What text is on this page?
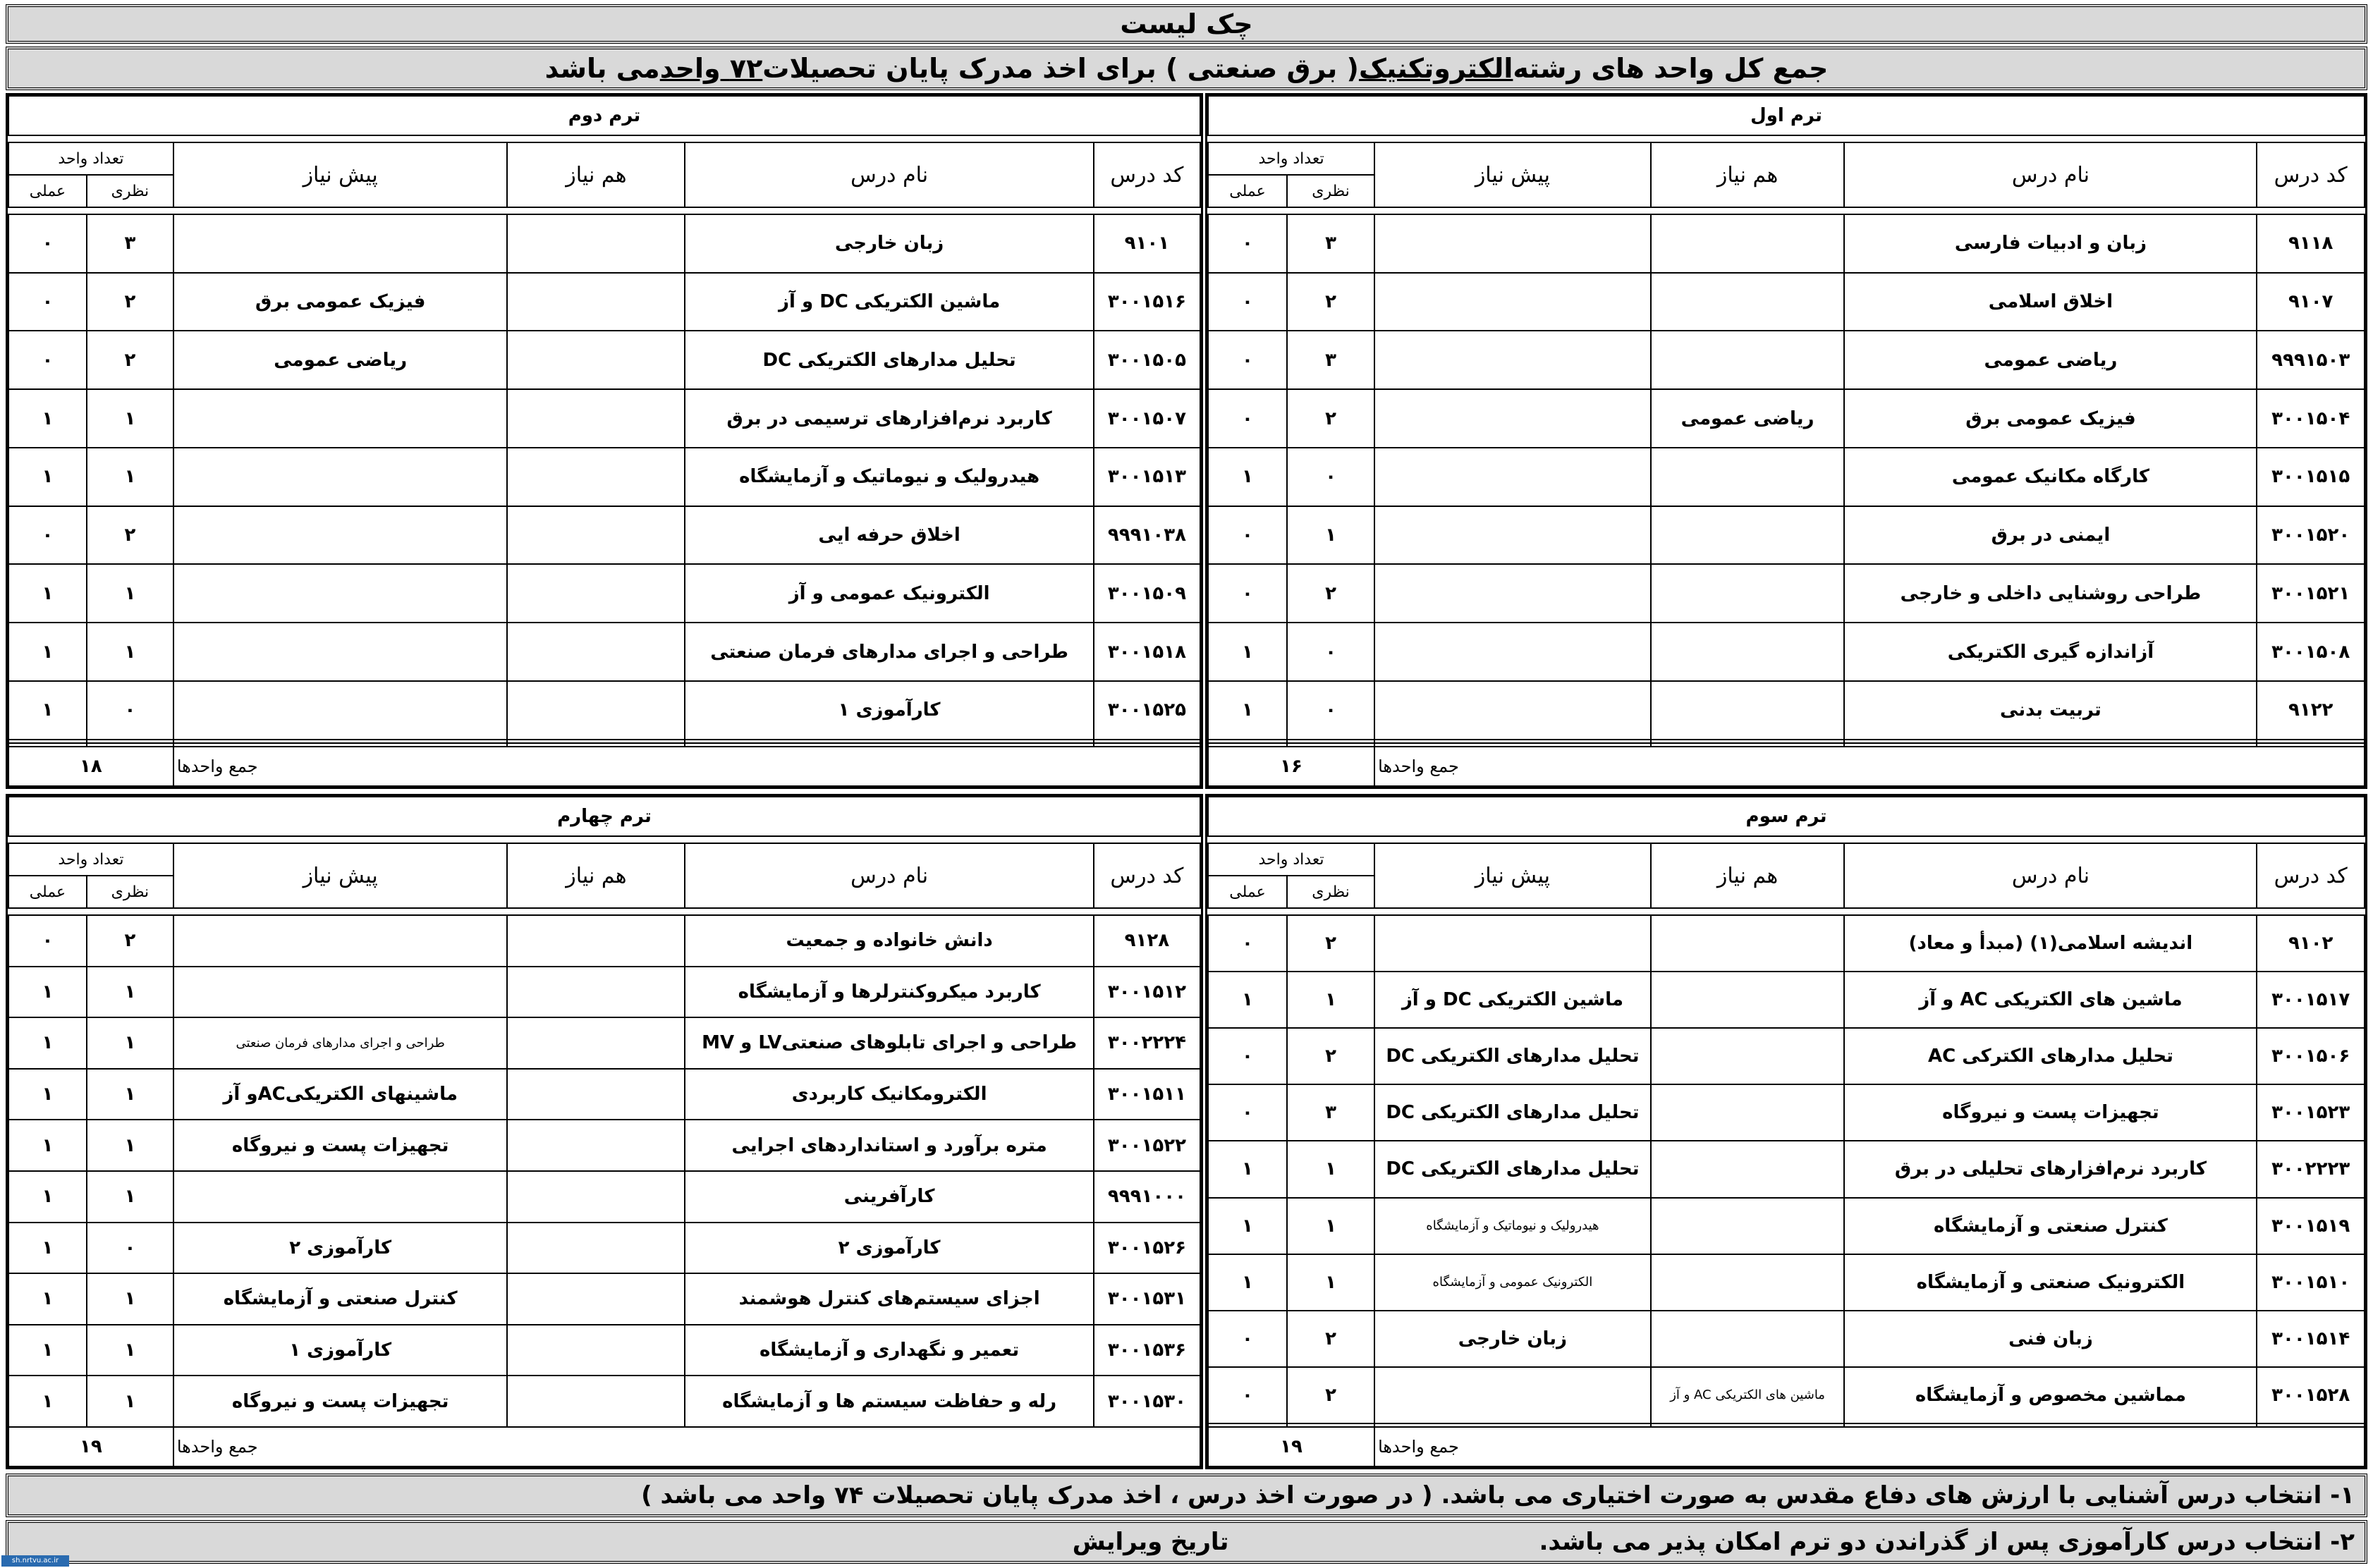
چک لیست
جمع کل واحد های رشته
الکتروتکنیک
( برق صنعتی ) برای اخذ مدرک پایان تحصیلات
۷۲ واحد
می باشد
ترم اول					

کد درس	نام درس	هم نیاز	پیش نیاز	تعداد واحد	
				نظری	عملی

۹۱۱۸	زبان و ادبیات فارسی			۳	۰
۹۱۰۷	اخلاق اسلامی			۲	۰
۹۹۹۱۵۰۳	ریاضی عمومی			۳	۰
۳۰۰۱۵۰۴	فیزیک عمومی برق	ریاضی عمومی		۲	۰
۳۰۰۱۵۱۵	کارگاه مکانیک عمومی			۰	۱
۳۰۰۱۵۲۰	ایمنی در برق			۱	۰
۳۰۰۱۵۲۱	طراحی روشنایی داخلی و خارجی			۲	۰
۳۰۰۱۵۰۸	آزاندازه گیری الکتریکی			۰	۱
۹۱۲۲	تربیت بدنی			۰	۱

	جمع واحدها			۱۶	
ترم دوم					

کد درس	نام درس	هم نیاز	پیش نیاز	تعداد واحد	
				نظری	عملی

۹۱۰۱	زبان خارجی			۳	۰
۳۰۰۱۵۱۶	ماشین الکتریکی DC و آز		فیزیک عمومی برق	۲	۰
۳۰۰۱۵۰۵	تحلیل مدارهای الکتریکی DC		ریاضی عمومی	۲	۰
۳۰۰۱۵۰۷	کاربرد نرم‌افزارهای ترسیمی در برق			۱	۱
۳۰۰۱۵۱۳	هیدرولیک و نیوماتیک و آزمایشگاه			۱	۱
۹۹۹۱۰۳۸	اخلاق حرفه ایی			۲	۰
۳۰۰۱۵۰۹	الکترونیک عمومی و آز			۱	۱
۳۰۰۱۵۱۸	طراحی و اجرای مدارهای فرمان صنعتی			۱	۱
۳۰۰۱۵۲۵	کارآموزی ۱			۰	۱

	جمع واحدها			۱۸	
ترم سوم					

کد درس	نام درس	هم نیاز	پیش نیاز	تعداد واحد	
				نظری	عملی

۹۱۰۲	اندیشه اسلامی(۱) (مبدأ و معاد)			۲	۰
۳۰۰۱۵۱۷	ماشین های الکتریکی AC و آز		ماشین الکتریکی DC و آز	۱	۱
۳۰۰۱۵۰۶	تحلیل مدارهای الکترکی AC		تحلیل مدارهای الکتریکی DC	۲	۰
۳۰۰۱۵۲۳	تجهیزات پست و نیروگاه		تحلیل مدارهای الکتریکی DC	۳	۰
۳۰۰۲۲۲۳	کاربرد نرم‌افزارهای تحلیلی در برق		تحلیل مدارهای الکتریکی DC	۱	۱
۳۰۰۱۵۱۹	کنترل صنعتی و آزمایشگاه		هیدرولیک و نیوماتیک و آزمایشگاه	۱	۱
۳۰۰۱۵۱۰	الکترونیک صنعتی و آزمایشگاه		الکترونیک عمومی و آزمایشگاه	۱	۱
۳۰۰۱۵۱۴	زبان فنی		زبان خارجی	۲	۰
۳۰۰۱۵۲۸	مماشین مخصوص و آزمایشگاه	ماشین های الکتریکی AC و آز		۲	۰

	جمع واحدها			۱۹	
ترم چهارم					

کد درس	نام درس	هم نیاز	پیش نیاز	تعداد واحد	
				نظری	عملی

۹۱۲۸	دانش خانواده و جمعیت			۲	۰
۳۰۰۱۵۱۲	کاربرد میکروکنترلرها و آزمایشگاه			۱	۱
۳۰۰۲۲۲۴	طراحی و اجرای تابلوهای صنعتیLV و MV		طراحی و اجرای مدارهای فرمان صنعتی	۱	۱
۳۰۰۱۵۱۱	الکترومکانیک کاربردی		ماشینهای الکتریکیACو آز	۱	۱
۳۰۰۱۵۲۲	متره برآورد و استانداردهای اجرایی		تجهیزات پست و نیروگاه	۱	۱
۹۹۹۱۰۰۰	کارآفرینی			۱	۱
۳۰۰۱۵۲۶	کارآموزی ۲		کارآموزی ۲	۰	۱
۳۰۰۱۵۳۱	اجزای سیستم‌های کنترل هوشمند		کنترل صنعتی و آزمایشگاه	۱	۱
۳۰۰۱۵۳۶	تعمیر و نگهداری و آزمایشگاه		کارآموزی ۱	۱	۱
۳۰۰۱۵۳۰	رله و حفاظت سیستم ها و آزمایشگاه		تجهیزات پست و نیروگاه	۱	۱
	جمع واحدها			۱۹	
۱- انتخاب درس آشنایی با ارزش های دفاع مقدس به صورت اختیاری می باشد. ( در صورت اخذ درس ، اخذ مدرک پایان تحصیلات ۷۴ واحد می باشد )
۲- انتخاب درس کارآموزی پس از گذراندن دو ترم امکان پذیر می باشد.
تاریخ ویرایش
sh.nrtvu.ac.ir
